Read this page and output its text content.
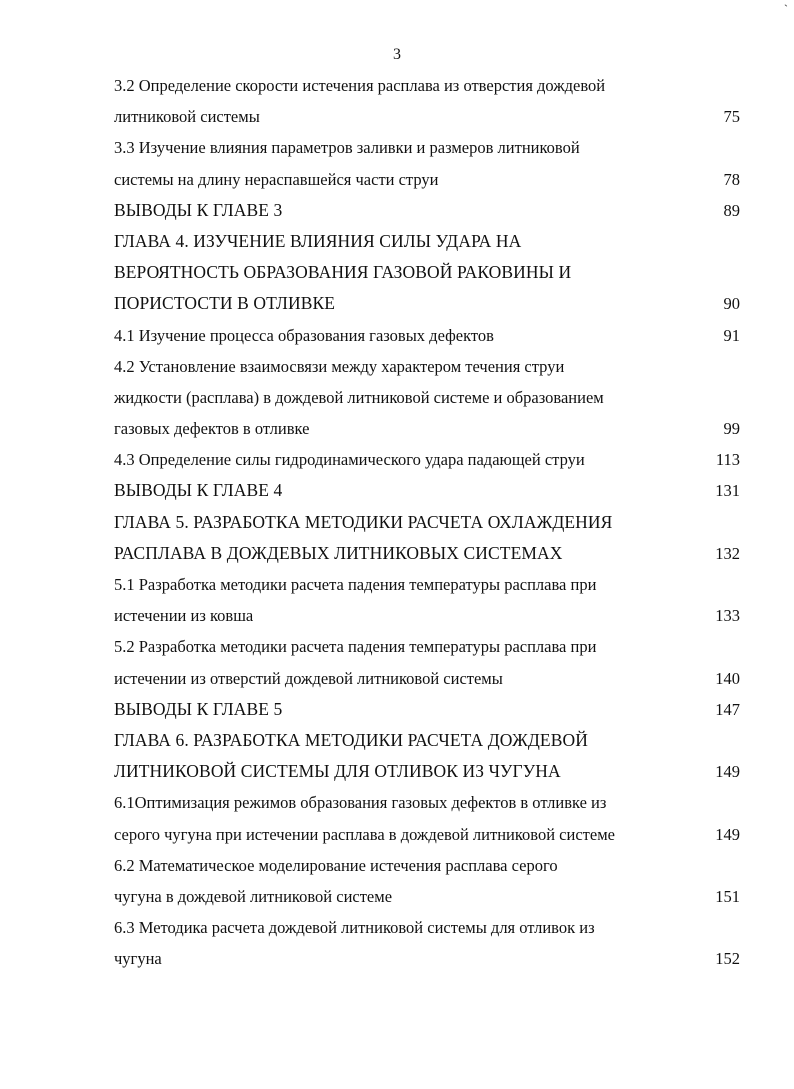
`
3
3.2 Определение скорости истечения расплава из отверстия дождевой
литниковой системы	75
3.3 Изучение влияния параметров заливки и размеров литниковой
системы на длину нераспавшейся части струи	78
ВЫВОДЫ К ГЛАВЕ 3	89
ГЛАВА 4. ИЗУЧЕНИЕ ВЛИЯНИЯ СИЛЫ УДАРА НА
ВЕРОЯТНОСТЬ ОБРАЗОВАНИЯ ГАЗОВОЙ РАКОВИНЫ И
ПОРИСТОСТИ В ОТЛИВКЕ	90
4.1 Изучение процесса образования газовых дефектов	91
4.2 Установление взаимосвязи между характером течения струи
жидкости (расплава) в дождевой литниковой системе и образованием
газовых дефектов в отливке	99
4.3 Определение силы гидродинамического удара падающей струи	113
ВЫВОДЫ К ГЛАВЕ 4	131
ГЛАВА 5. РАЗРАБОТКА МЕТОДИКИ РАСЧЕТА ОХЛАЖДЕНИЯ
РАСПЛАВА В ДОЖДЕВЫХ ЛИТНИКОВЫХ СИСТЕМАХ	132
5.1 Разработка методики расчета падения температуры расплава при
истечении из ковша	133
5.2 Разработка методики расчета падения температуры расплава при
истечении из отверстий дождевой литниковой системы	140
ВЫВОДЫ К ГЛАВЕ 5	147
ГЛАВА 6. РАЗРАБОТКА МЕТОДИКИ РАСЧЕТА ДОЖДЕВОЙ
ЛИТНИКОВОЙ СИСТЕМЫ ДЛЯ ОТЛИВОК ИЗ ЧУГУНА	149
6.1Оптимизация режимов образования газовых дефектов в отливке из
серого чугуна при истечении расплава в дождевой литниковой системе	149
6.2 Математическое моделирование истечения расплава серого
чугуна в дождевой литниковой системе	151
6.3 Методика расчета дождевой литниковой системы для отливок из
чугуна	152
